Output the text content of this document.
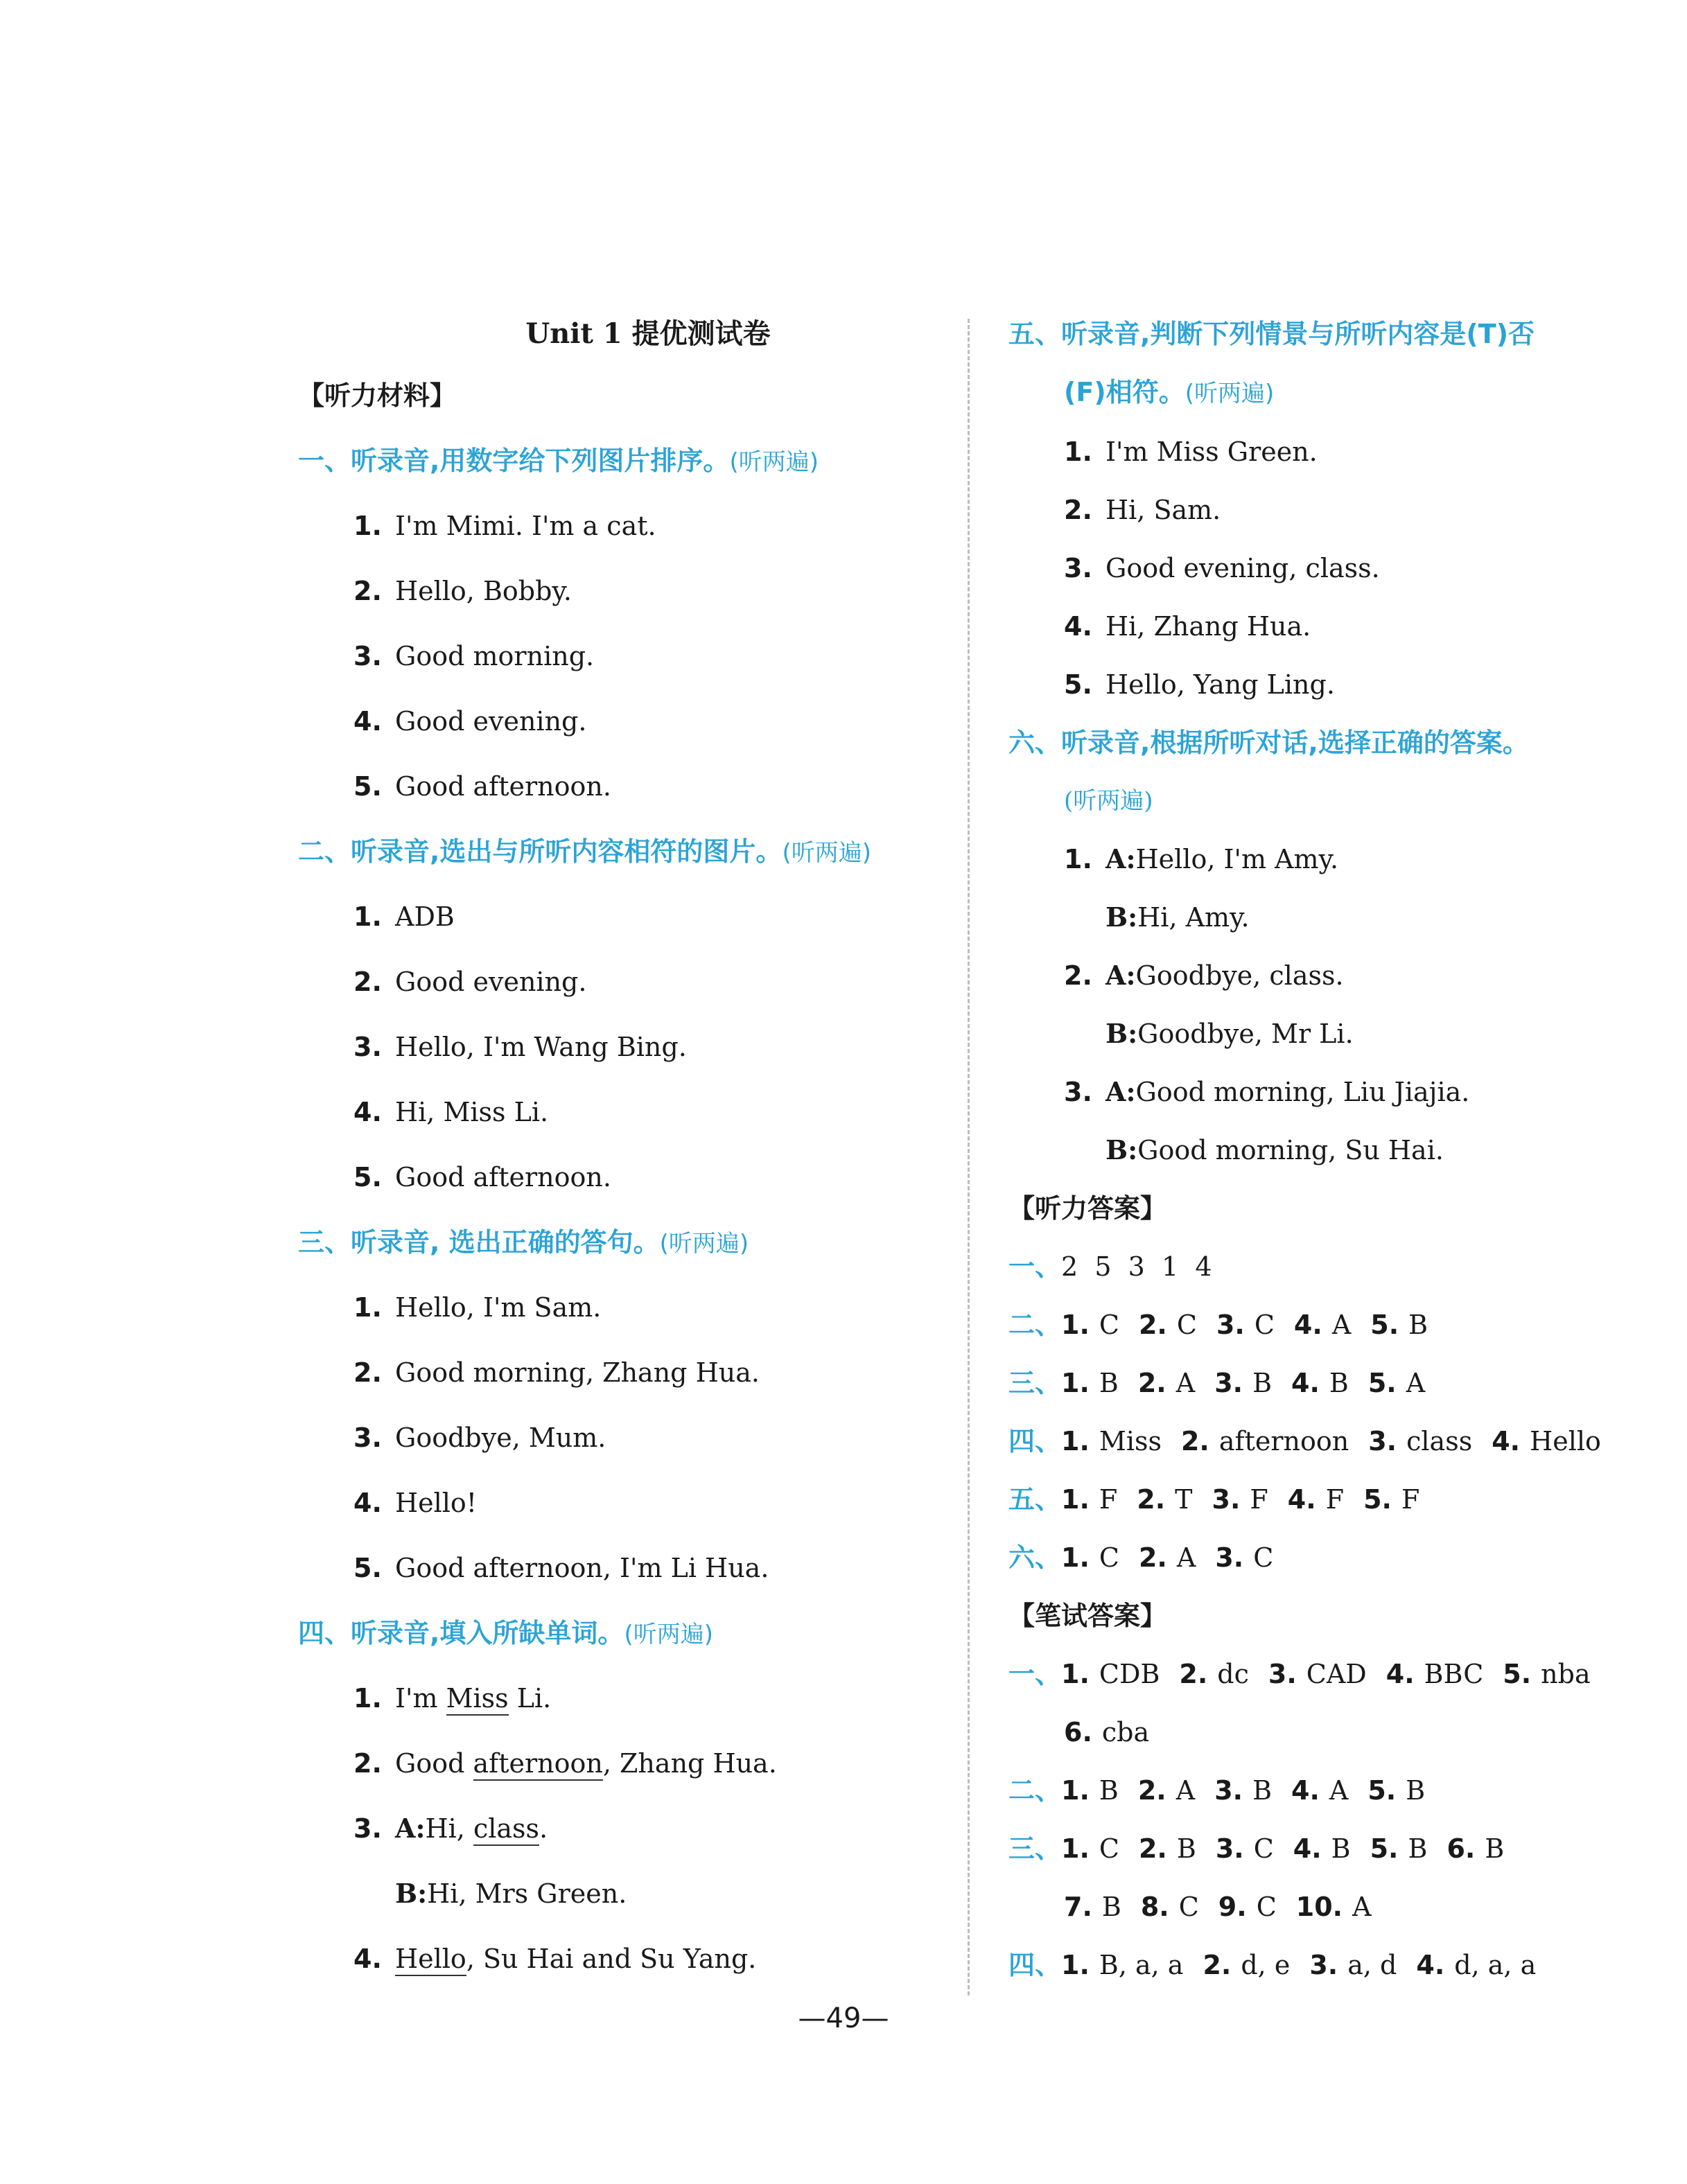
Unit 1 提优测试卷
【听力材料】
一、听录音,用数字给下列图片排序。(听两遍)
1. I'm Mimi. I'm a cat.
2. Hello, Bobby.
3. Good morning.
4. Good evening.
5. Good afternoon.
二、听录音,选出与所听内容相符的图片。(听两遍)
1. ADB
2. Good evening.
3. Hello, I'm Wang Bing.
4. Hi, Miss Li.
5. Good afternoon.
三、听录音, 选出正确的答句。(听两遍)
1. Hello, I'm Sam.
2. Good morning, Zhang Hua.
3. Goodbye, Mum.
4. Hello!
5. Good afternoon, I'm Li Hua.
四、听录音,填入所缺单词。(听两遍)
1. I'm Miss Li.
2. Good afternoon, Zhang Hua.
3. A:Hi, class.
B:Hi, Mrs Green.
4. Hello, Su Hai and Su Yang.
五、听录音,判断下列情景与所听内容是(T)否
(F)相符。(听两遍)
1. I'm Miss Green.
2. Hi, Sam.
3. Good evening, class.
4. Hi, Zhang Hua.
5. Hello, Yang Ling.
六、听录音,根据所听对话,选择正确的答案。
(听两遍)
1. A:Hello, I'm Amy.
B:Hi, Amy.
2. A:Goodbye, class.
B:Goodbye, Mr Li.
3. A:Good morning, Liu Jiajia.
B:Good morning, Su Hai.
【听力答案】
一、2  5  3  1  4
二、1. C 2. C 3. C 4. A 5. B
三、1. B 2. A 3. B 4. B 5. A
四、1. Miss 2. afternoon 3. class 4. Hello
五、1. F 2. T 3. F 4. F 5. F
六、1. C 2. A 3. C
【笔试答案】
一、1. CDB 2. dc 3. CAD 4. BBC 5. nba
6. cba
二、1. B 2. A 3. B 4. A 5. B
三、1. C 2. B 3. C 4. B 5. B 6. B
7. B 8. C 9. C 10. A
四、1. B, a, a 2. d, e 3. a, d 4. d, a, a
—49—
